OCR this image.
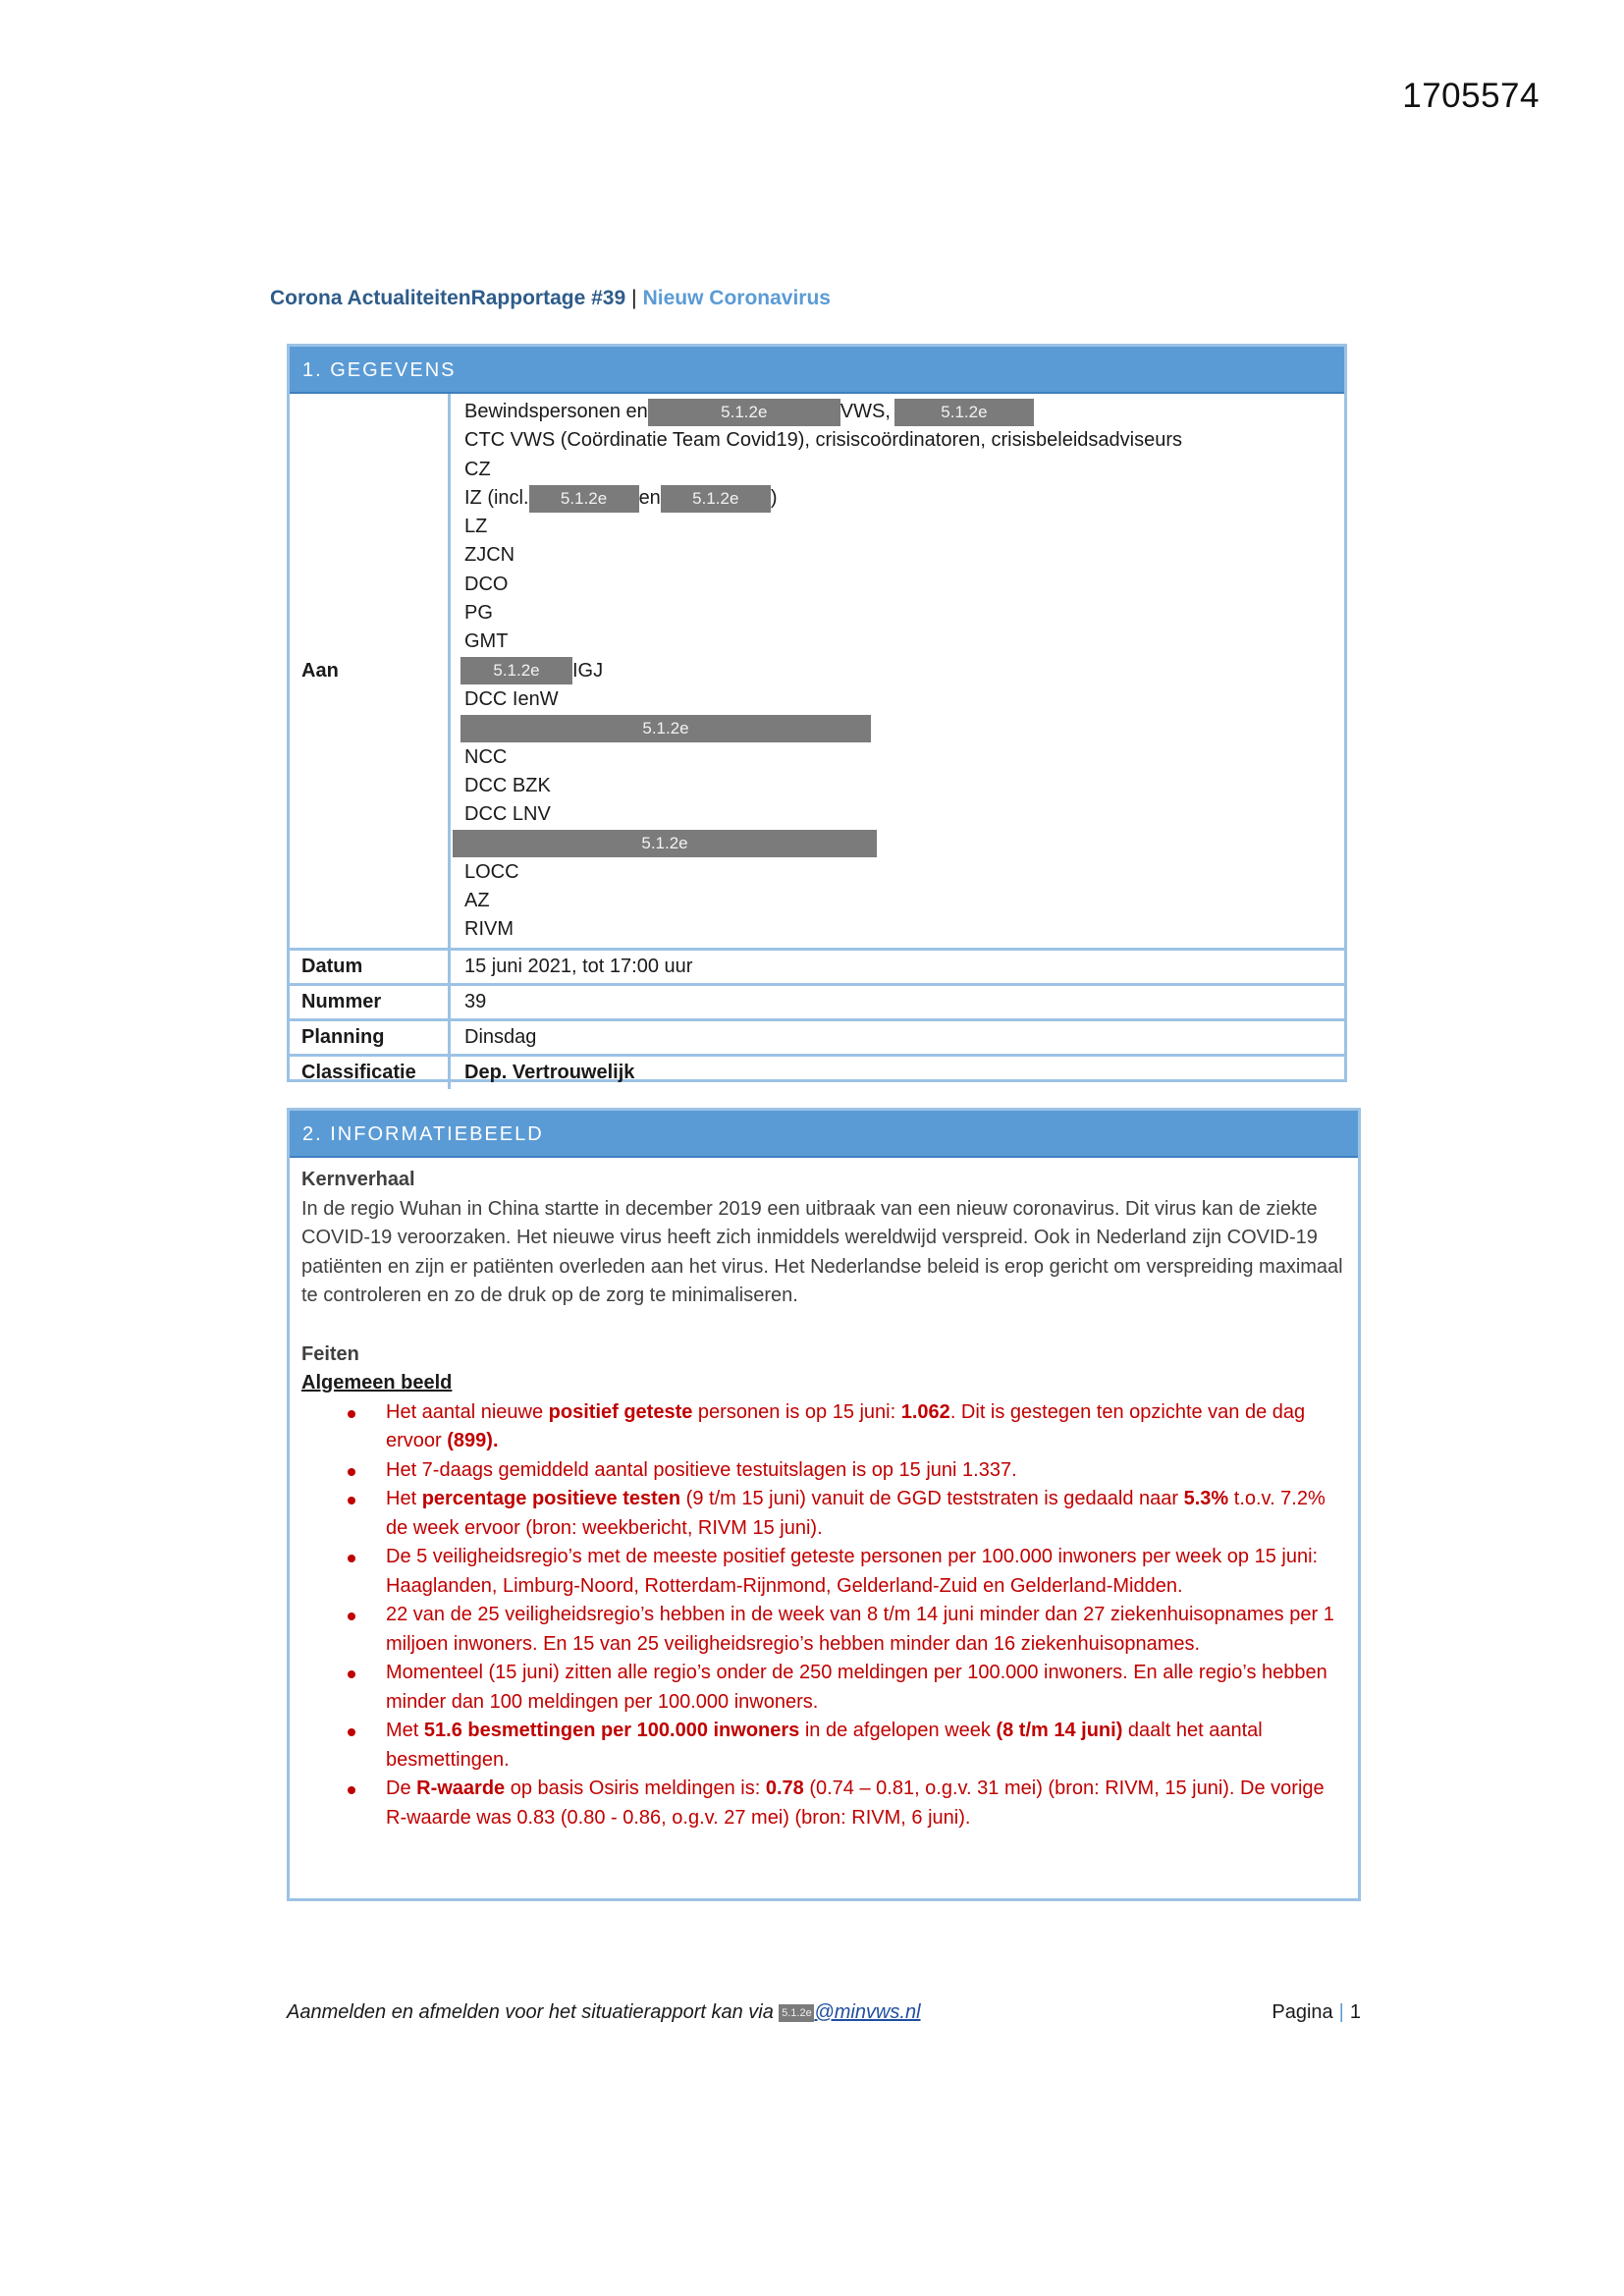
1705574
Corona ActualiteitenRapportage #39 | Nieuw Coronavirus
1. GEGEVENS
Aan
Bewindspersonen en	5.1.2e	VWS,	5.1.2e
CTC VWS (Coördinatie Team Covid19), crisiscoördinatoren, crisisbeleidsadviseurs
CZ
IZ (incl. 5.1.2e en 5.1.2e )
LZ
ZJCN
DCO
PG
GMT
5.1.2e IGJ
DCC IenW
5.1.2e
NCC
DCC BZK
DCC LNV
5.1.2e
LOCC
AZ
RIVM
Datum	15 juni 2021, tot 17:00 uur
Nummer	39
Planning	Dinsdag
Classificatie	Dep. Vertrouwelijk
2. INFORMATIEBEELD
Kernverhaal

In de regio Wuhan in China startte in december 2019 een uitbraak van een nieuw coronavirus. Dit virus kan de ziekte COVID-19 veroorzaken. Het nieuwe virus heeft zich inmiddels wereldwijd verspreid. Ook in Nederland zijn COVID-19 patiënten en zijn er patiënten overleden aan het virus. Het Nederlandse beleid is erop gericht om verspreiding maximaal te controleren en zo de druk op de zorg te minimaliseren.

Feiten
Algemeen beeld
Het aantal nieuwe positief geteste personen is op 15 juni: 1.062. Dit is gestegen ten opzichte van de dag ervoor (899).
Het 7-daags gemiddeld aantal positieve testuitslagen is op 15 juni 1.337.
Het percentage positieve testen (9 t/m 15 juni) vanuit de GGD teststraten is gedaald naar 5.3% t.o.v. 7.2% de week ervoor (bron: weekbericht, RIVM 15 juni).
De 5 veiligheidsregio’s met de meeste positief geteste personen per 100.000 inwoners per week op 15 juni: Haaglanden, Limburg-Noord, Rotterdam-Rijnmond, Gelderland-Zuid en Gelderland-Midden.
22 van de 25 veiligheidsregio’s hebben in de week van 8 t/m 14 juni minder dan 27 ziekenhuisopnames per 1 miljoen inwoners. En 15 van 25 veiligheidsregio’s hebben minder dan 16 ziekenhuisopnames.
Momenteel (15 juni) zitten alle regio’s onder de 250 meldingen per 100.000 inwoners. En alle regio’s hebben minder dan 100 meldingen per 100.000 inwoners.
Met 51.6 besmettingen per 100.000 inwoners in de afgelopen week (8 t/m 14 juni) daalt het aantal besmettingen.
De R-waarde op basis Osiris meldingen is: 0.78 (0.74 – 0.81, o.g.v. 31 mei) (bron: RIVM, 15 juni). De vorige R-waarde was 0.83 (0.80 - 0.86, o.g.v. 27 mei) (bron: RIVM, 6 juni).
Aanmelden en afmelden voor het situatierapport kan via 5.1.2e @minvws.nl	Pagina | 1
